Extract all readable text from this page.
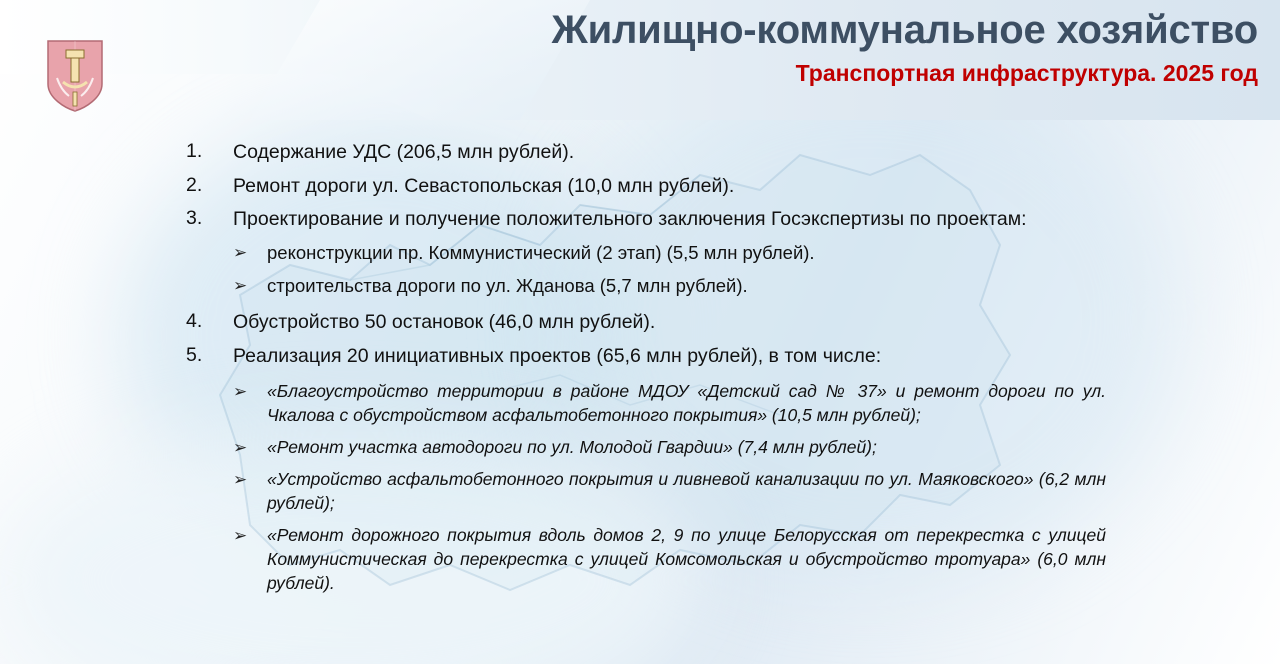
Жилищно-коммунальное хозяйство
Транспортная инфраструктура. 2025 год
1.	Содержание УДС (206,5 млн рублей).
2.	Ремонт дороги ул. Севастопольская (10,0 млн рублей).
3.	Проектирование и получение положительного заключения Госэкспертизы по проектам:
➢	реконструкции пр. Коммунистический (2 этап) (5,5 млн рублей).
➢	строительства дороги по ул. Жданова (5,7 млн рублей).
4.	Обустройство 50 остановок (46,0 млн рублей).
5.	Реализация 20 инициативных проектов (65,6 млн рублей), в том числе:
➢	«Благоустройство территории в районе МДОУ «Детский сад № 37» и ремонт дороги по ул. Чкалова с обустройством асфальтобетонного покрытия» (10,5 млн рублей);
➢	«Ремонт участка автодороги по ул. Молодой Гвардии» (7,4 млн рублей);
➢	«Устройство асфальтобетонного покрытия и ливневой канализации по ул. Маяковского» (6,2 млн рублей);
➢	«Ремонт дорожного покрытия вдоль домов 2, 9 по улице Белорусская от перекрестка с улицей Коммунистическая до перекрестка с улицей Комсомольская и обустройство тротуара» (6,0 млн рублей).
